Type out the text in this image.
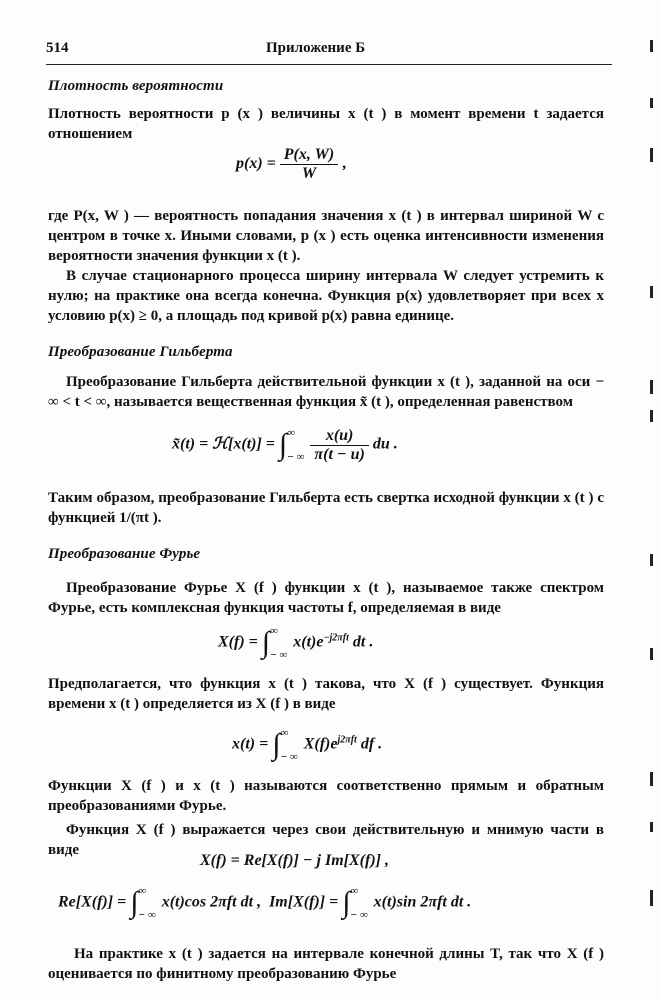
514	Приложение Б
Плотность вероятности
Плотность вероятности p (x ) величины x (t ) в момент времени t задается отношением
$p(x) = \frac{P(x, W)}{W}$ ,
где P(x, W ) — вероятность попадания значения x (t ) в интервал шириной W с центром в точке x. Иными словами, p (x ) есть оценка интенсивности изменения вероятности значения функции x (t ).
В случае стационарного процесса ширину интервала W следует устремить к нулю; на практике она всегда конечна. Функция p(x) удовлетворяет при всех x условию p(x) ≥ 0, а площадь под кривой p(x) равна единице.
Преобразование Гильберта
Преобразование Гильберта действительной функции x (t ), заданной на оси − ∞ < t < ∞, называется вещественная функция x̃ (t ), определенная равенством
x̃(t) = ℋ[x(t)] = ∫ ∞
− ∞
$\frac{x(u)}{\pi(t - u)}$ du .
Таким образом, преобразование Гильберта есть свертка исходной функции x (t ) с функцией 1/(πt ).
Преобразование Фурье
Преобразование Фурье X (f ) функции x (t ), называемое также спектром Фурье, есть комплексная функция частоты f, определяемая в виде
X(f) = ∫ ∞
− ∞
$x(t)e^{-j2\pi ft}$ dt .
Предполагается, что функция x (t ) такова, что X (f ) существует. Функция времени x (t ) определяется из X (f ) в виде
x(t) = ∫ ∞
− ∞
$X(f)e^{j2\pi ft}$ df .
Функции X (f ) и x (t ) называются соответственно прямым и обратным преобразованиями Фурье.
Функция X (f ) выражается через свои действительную и мнимую части в виде
X(f) = Re[X(f)] − j Im[X(f)] ,
Re[X(f)] = ∫ ∞
− ∞
x(t)cos 2πft dt , Im[X(f)] = ∫ ∞
− ∞
x(t)sin 2πft dt .
На практике x (t ) задается на интервале конечной длины T, так что X (f ) оценивается по финитному преобразованию Фурье
